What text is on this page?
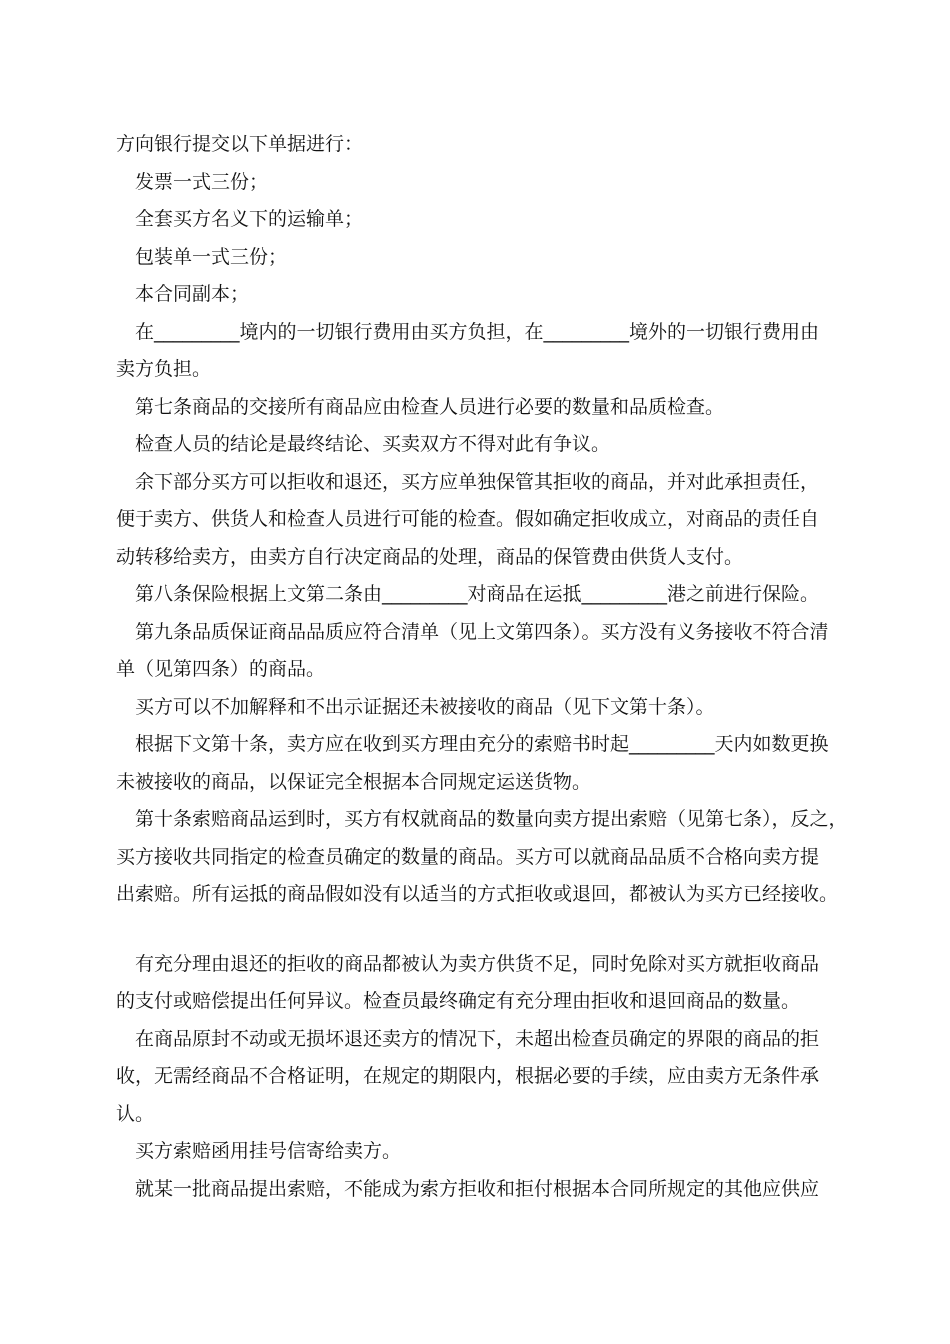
方向银行提交以下单据进行：
发票一式三份；
全套买方名义下的运输单；
包装单一式三份；
本合同副本；
在_________境内的一切银行费用由买方负担，在_________境外的一切银行费用由
卖方负担。
第七条商品的交接所有商品应由检查人员进行必要的数量和品质检查。
检查人员的结论是最终结论、买卖双方不得对此有争议。
余下部分买方可以拒收和退还，买方应单独保管其拒收的商品，并对此承担责任，
便于卖方、供货人和检查人员进行可能的检查。假如确定拒收成立，对商品的责任自
动转移给卖方，由卖方自行决定商品的处理，商品的保管费由供货人支付。
第八条保险根据上文第二条由_________对商品在运抵_________港之前进行保险。
第九条品质保证商品品质应符合清单（见上文第四条）。买方没有义务接收不符合清
单（见第四条）的商品。
买方可以不加解释和不出示证据还未被接收的商品（见下文第十条）。
根据下文第十条，卖方应在收到买方理由充分的索赔书时起_________天内如数更换
未被接收的商品，以保证完全根据本合同规定运送货物。
第十条索赔商品运到时，买方有权就商品的数量向卖方提出索赔（见第七条），反之，
买方接收共同指定的检查员确定的数量的商品。买方可以就商品品质不合格向卖方提
出索赔。所有运抵的商品假如没有以适当的方式拒收或退回，都被认为买方已经接收。
有充分理由退还的拒收的商品都被认为卖方供货不足，同时免除对买方就拒收商品
的支付或赔偿提出任何异议。检查员最终确定有充分理由拒收和退回商品的数量。
在商品原封不动或无损坏退还卖方的情况下，未超出检查员确定的界限的商品的拒
收，无需经商品不合格证明，在规定的期限内，根据必要的手续，应由卖方无条件承
认。
买方索赔函用挂号信寄给卖方。
就某一批商品提出索赔，不能成为索方拒收和拒付根据本合同所规定的其他应供应
